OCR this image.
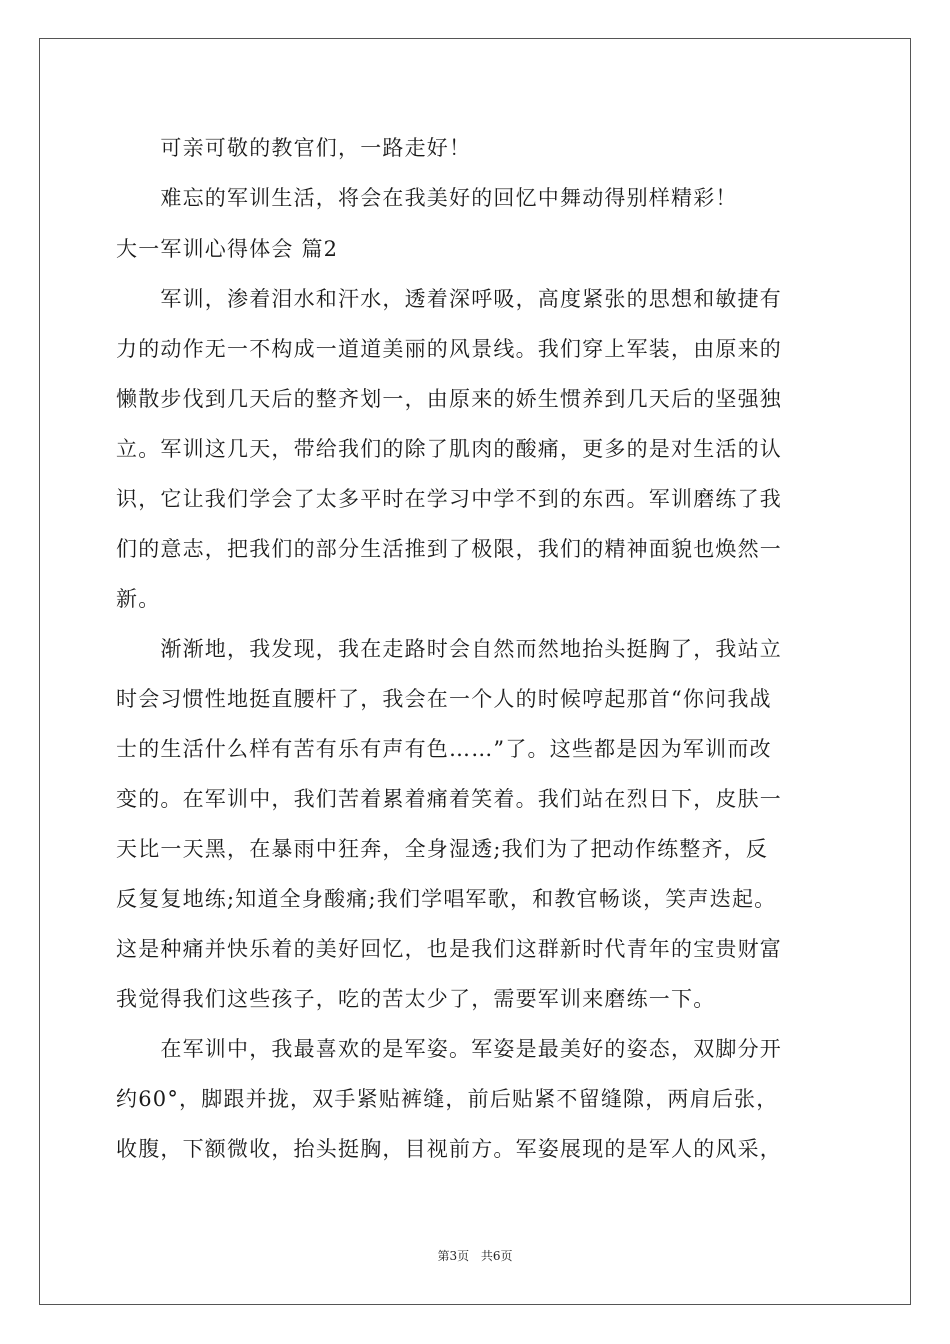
　　可亲可敬的教官们，一路走好！
　　难忘的军训生活，将会在我美好的回忆中舞动得别样精彩！
大一军训心得体会 篇2
　　军训，渗着泪水和汗水，透着深呼吸，高度紧张的思想和敏捷有
力的动作无一不构成一道道美丽的风景线。我们穿上军装，由原来的
懒散步伐到几天后的整齐划一，由原来的娇生惯养到几天后的坚强独
立。军训这几天，带给我们的除了肌肉的酸痛，更多的是对生活的认
识，它让我们学会了太多平时在学习中学不到的东西。军训磨练了我
们的意志，把我们的部分生活推到了极限，我们的精神面貌也焕然一
新。
　　渐渐地，我发现，我在走路时会自然而然地抬头挺胸了，我站立
时会习惯性地挺直腰杆了，我会在一个人的时候哼起那首“你问我战
士的生活什么样有苦有乐有声有色……”了。这些都是因为军训而改
变的。在军训中，我们苦着累着痛着笑着。我们站在烈日下，皮肤一
天比一天黑，在暴雨中狂奔，全身湿透;我们为了把动作练整齐，反
反复复地练;知道全身酸痛;我们学唱军歌，和教官畅谈，笑声迭起。
这是种痛并快乐着的美好回忆，也是我们这群新时代青年的宝贵财富
我觉得我们这些孩子，吃的苦太少了，需要军训来磨练一下。
　　在军训中，我最喜欢的是军姿。军姿是最美好的姿态，双脚分开
约60°，脚跟并拢，双手紧贴裤缝，前后贴紧不留缝隙，两肩后张，
收腹，下额微收，抬头挺胸，目视前方。军姿展现的是军人的风采，
第3页 共6页
